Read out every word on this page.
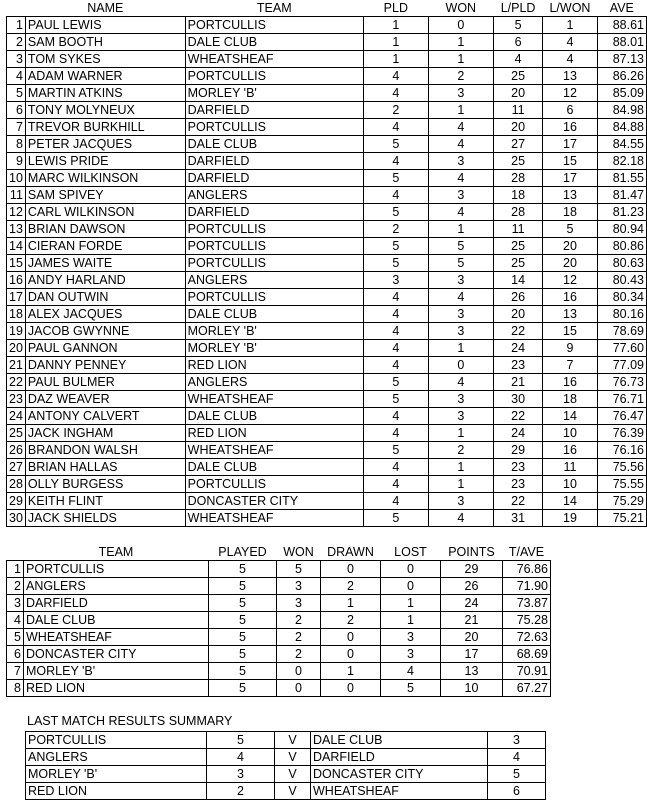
	NAME	TEAM	PLD	WON	L/PLD	L/WON	AVE
1	PAUL LEWIS	PORTCULLIS	1	0	5	1	88.61
2	SAM BOOTH	DALE CLUB	1	1	6	4	88.01
3	TOM SYKES	WHEATSHEAF	1	1	4	4	87.13
4	ADAM WARNER	PORTCULLIS	4	2	25	13	86.26
5	MARTIN ATKINS	MORLEY 'B'	4	3	20	12	85.09
6	TONY MOLYNEUX	DARFIELD	2	1	11	6	84.98
7	TREVOR BURKHILL	PORTCULLIS	4	4	20	16	84.88
8	PETER JACQUES	DALE CLUB	5	4	27	17	84.55
9	LEWIS PRIDE	DARFIELD	4	3	25	15	82.18
10	MARC WILKINSON	DARFIELD	5	4	28	17	81.55
11	SAM SPIVEY	ANGLERS	4	3	18	13	81.47
12	CARL WILKINSON	DARFIELD	5	4	28	18	81.23
13	BRIAN DAWSON	PORTCULLIS	2	1	11	5	80.94
14	CIERAN FORDE	PORTCULLIS	5	5	25	20	80.86
15	JAMES WAITE	PORTCULLIS	5	5	25	20	80.63
16	ANDY HARLAND	ANGLERS	3	3	14	12	80.43
17	DAN OUTWIN	PORTCULLIS	4	4	26	16	80.34
18	ALEX JACQUES	DALE CLUB	4	3	20	13	80.16
19	JACOB GWYNNE	MORLEY 'B'	4	3	22	15	78.69
20	PAUL GANNON	MORLEY 'B'	4	1	24	9	77.60
21	DANNY PENNEY	RED LION	4	0	23	7	77.09
22	PAUL BULMER	ANGLERS	5	4	21	16	76.73
23	DAZ WEAVER	WHEATSHEAF	5	3	30	18	76.71
24	ANTONY CALVERT	DALE CLUB	4	3	22	14	76.47
25	JACK INGHAM	RED LION	4	1	24	10	76.39
26	BRANDON WALSH	WHEATSHEAF	5	2	29	16	76.16
27	BRIAN HALLAS	DALE CLUB	4	1	23	11	75.56
28	OLLY BURGESS	PORTCULLIS	4	1	23	10	75.55
29	KEITH FLINT	DONCASTER CITY	4	3	22	14	75.29
30	JACK SHIELDS	WHEATSHEAF	5	4	31	19	75.21
	TEAM	PLAYED	WON	DRAWN	LOST	POINTS	T/AVE
1	PORTCULLIS	5	5	0	0	29	76.86
2	ANGLERS	5	3	2	0	26	71.90
3	DARFIELD	5	3	1	1	24	73.87
4	DALE CLUB	5	2	2	1	21	75.28
5	WHEATSHEAF	5	2	0	3	20	72.63
6	DONCASTER CITY	5	2	0	3	17	68.69
7	MORLEY 'B'	5	0	1	4	13	70.91
8	RED LION	5	0	0	5	10	67.27
LAST MATCH RESULTS SUMMARY
PORTCULLIS	5	V	DALE CLUB	3
ANGLERS	4	V	DARFIELD	4
MORLEY 'B'	3	V	DONCASTER CITY	5
RED LION	2	V	WHEATSHEAF	6
